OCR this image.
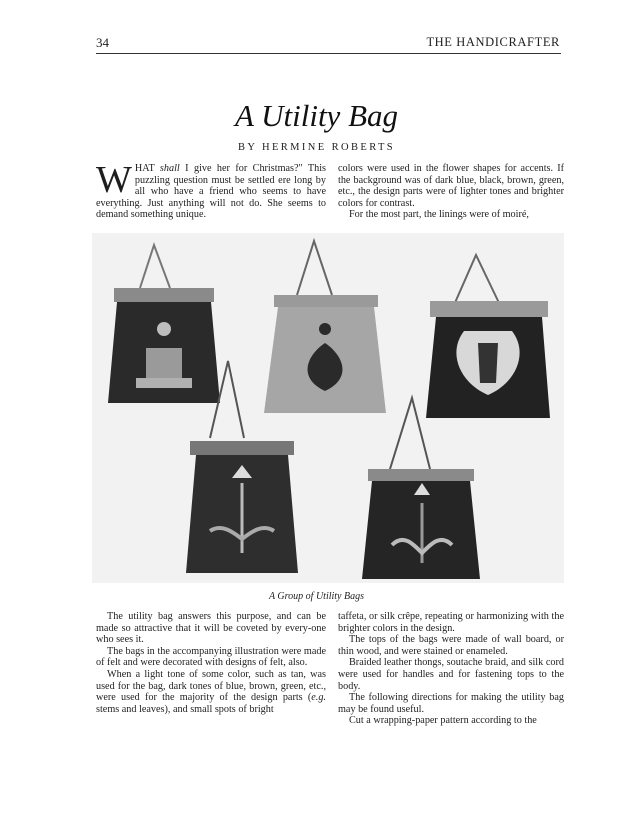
34	THE HANDICRAFTER
A Utility Bag
BY HERMINE ROBERTS

WHAT shall I give her for Christmas?" This puzzling question must be settled ere long by all who have a friend who seems to have everything. Just anything will not do. She seems to demand something unique.

colors were used in the flower shapes for accents. If the background was of dark blue, black, brown, green, etc., the design parts were of lighter tones and brighter colors for contrast.

For the most part, the linings were of moiré,

A Group of Utility Bags

The utility bag answers this purpose, and can be made so attractive that it will be coveted by every-one who sees it.

The bags in the accompanying illustration were made of felt and were decorated with designs of felt, also.

When a light tone of some color, such as tan, was used for the bag, dark tones of blue, brown, green, etc., were used for the majority of the design parts (e.g. stems and leaves), and small spots of bright

taffeta, or silk crêpe, repeating or harmonizing with the brighter colors in the design.

The tops of the bags were made of wall board, or thin wood, and were stained or enameled.

Braided leather thongs, soutache braid, and silk cord were used for handles and for fastening tops to the body.

The following directions for making the utility bag may be found useful.

Cut a wrapping-paper pattern according to the
